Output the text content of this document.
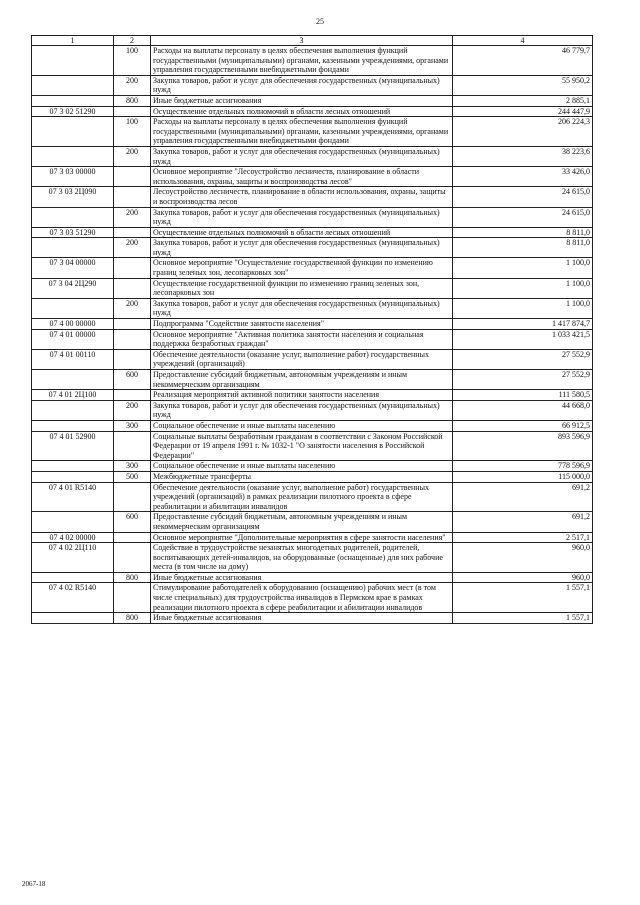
25
1	2	3	4
	100	Расходы на выплаты персоналу в целях обеспечения выполнения функций государственными (муниципальными) органами, казенными учреждениями, органами управления государственными внебюджетными фондами	46 779,7
	200	Закупка товаров, работ и услуг для обеспечения государственных (муниципальных) нужд	55 950,2
	800	Иные бюджетные ассигнования	2 885,1
07 3 02 51290		Осуществление отдельных полномочий в области лесных отношений	244 447,9
	100	Расходы на выплаты персоналу в целях обеспечения выполнения функций государственными (муниципальными) органами, казенными учреждениями, органами управления государственными внебюджетными фондами	206 224,3
	200	Закупка товаров, работ и услуг для обеспечения государственных (муниципальных) нужд	38 223,6
07 3 03 00000		Основное мероприятие "Лесоустройство лесничеств, планирование в области использования, охраны, защиты и воспроизводства лесов"	33 426,0
07 3 03 2Ц090		Лесоустройство лесничеств, планирование в области использования, охраны, защиты и воспроизводства лесов	24 615,0
	200	Закупка товаров, работ и услуг для обеспечения государственных (муниципальных) нужд	24 615,0
07 3 03 51290		Осуществление отдельных полномочий в области лесных отношений	8 811,0
	200	Закупка товаров, работ и услуг для обеспечения государственных (муниципальных) нужд	8 811,0
07 3 04 00000		Основное мероприятие "Осуществление государственной функции по изменению границ зеленых зон, лесопарковых зон"	1 100,0
07 3 04 2Ц290		Осуществление государственной функции по изменению границ зеленых зон, лесопарковых зон	1 100,0
	200	Закупка товаров, работ и услуг для обеспечения государственных (муниципальных) нужд	1 100,0
07 4 00 00000		Подпрограмма "Содействие занятости населения"	1 417 874,7
07 4 01 00000		Основное мероприятие "Активная политика занятости населения и социальная поддержка безработных граждан"	1 033 421,5
07 4 01 00110		Обеспечение деятельности (оказание услуг, выполнение работ) государственных учреждений (организаций)	27 552,9
	600	Предоставление субсидий бюджетным, автономным учреждениям и иным некоммерческим организациям	27 552,9
07 4 01 2Ц100		Реализация мероприятий активной политики занятости населения	111 580,5
	200	Закупка товаров, работ и услуг для обеспечения государственных (муниципальных) нужд	44 668,0
	300	Социальное обеспечение и иные выплаты населению	66 912,5
07 4 01 52900		Социальные выплаты безработным гражданам в соответствии с Законом Российской Федерации от 19 апреля 1991 г. № 1032-1 "О занятости населения в Российской Федерации"	893 596,9
	300	Социальное обеспечение и иные выплаты населению	778 596,9
	500	Межбюджетные трансферты	115 000,0
07 4 01 R5140		Обеспечение деятельности (оказание услуг, выполнение работ) государственных учреждений (организаций) в рамках реализации пилотного проекта в сфере реабилитации и абилитации инвалидов	691,2
	600	Предоставление субсидий бюджетным, автономным учреждениям и иным некоммерческим организациям	691,2
07 4 02 00000		Основное мероприятие "Дополнительные мероприятия в сфере занятости населения"	2 517,1
07 4 02 2Ц110		Содействие в трудоустройстве незанятых многодетных родителей, родителей, воспитывающих детей-инвалидов, на оборудованные (оснащенные) для них рабочие места (в том числе на дому)	960,0
	800	Иные бюджетные ассигнования	960,0
07 4 02 R5140		Стимулирование работодателей к оборудованию (оснащению) рабочих мест (в том числе специальных) для трудоустройства инвалидов в Пермском крае в рамках реализации пилотного проекта в сфере реабилитации и абилитации инвалидов	1 557,1
	800	Иные бюджетные ассигнования	1 557,1
2067-18
